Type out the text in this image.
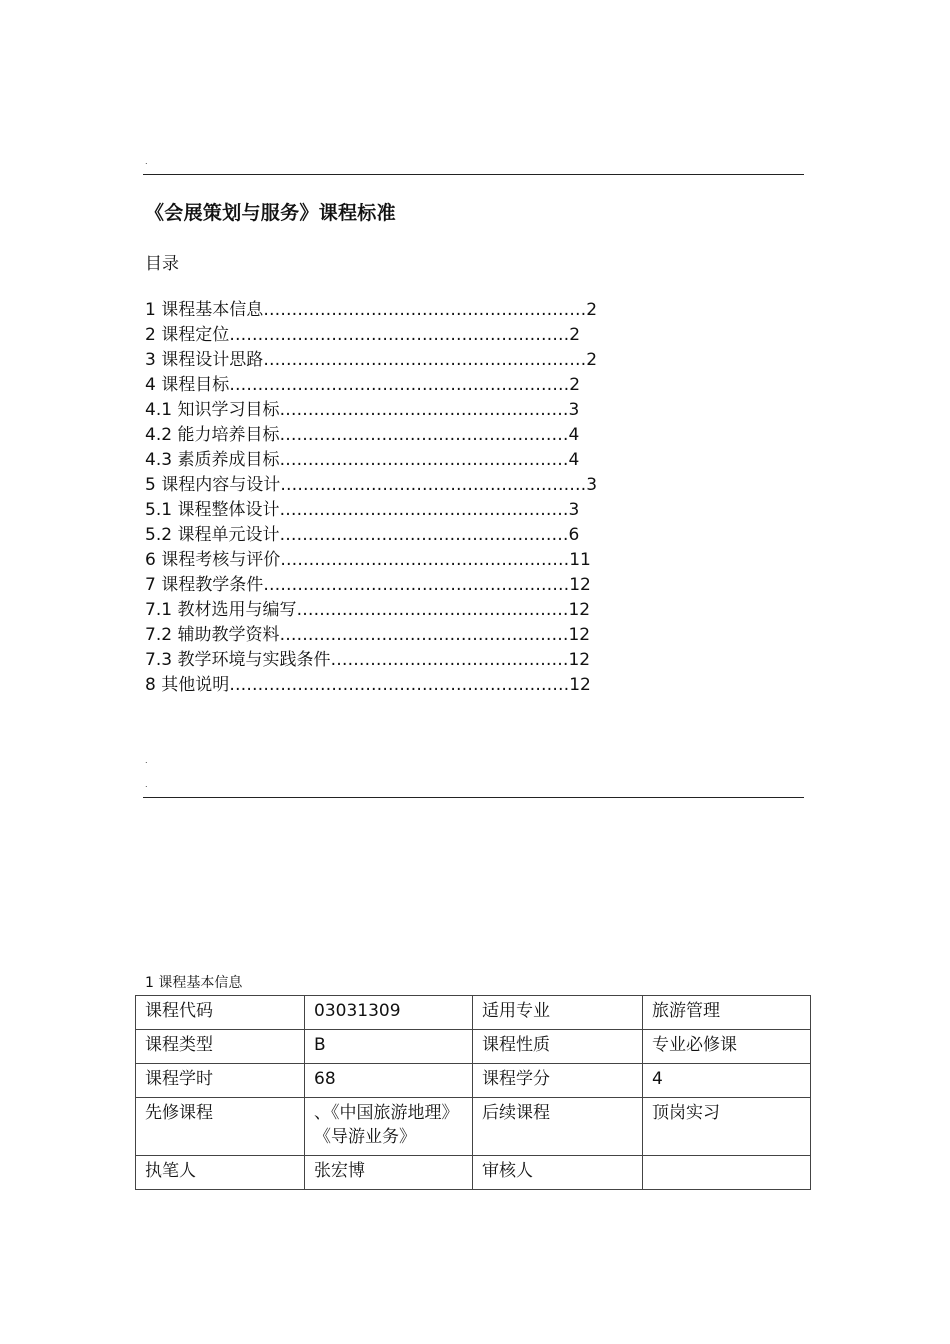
.
《会展策划与服务》课程标准
目录
1 课程基本信息…………………………………………………2
2 课程定位……………………………………………………2
3 课程设计思路…………………………………………………2
4 课程目标……………………………………………………2
4.1 知识学习目标……………………………………………3
4.2 能力培养目标……………………………………………4
4.3 素质养成目标……………………………………………4
5 课程内容与设计………………………………………………3
5.1 课程整体设计……………………………………………3
5.2 课程单元设计……………………………………………6
6 课程考核与评价……………………………………………11
7 课程教学条件………………………………………………12
7.1 教材选用与编写…………………………………………12
7.2 辅助教学资料……………………………………………12
7.3 教学环境与实践条件……………………………………12
8 其他说明……………………………………………………12
.
.
1 课程基本信息
课程代码	03031309	适用专业	旅游管理
课程类型	B	课程性质	专业必修课
课程学时	68	课程学分	4
先修课程	、《中国旅游地理》《导游业务》	后续课程	顶岗实习
执笔人	张宏博	审核人	
